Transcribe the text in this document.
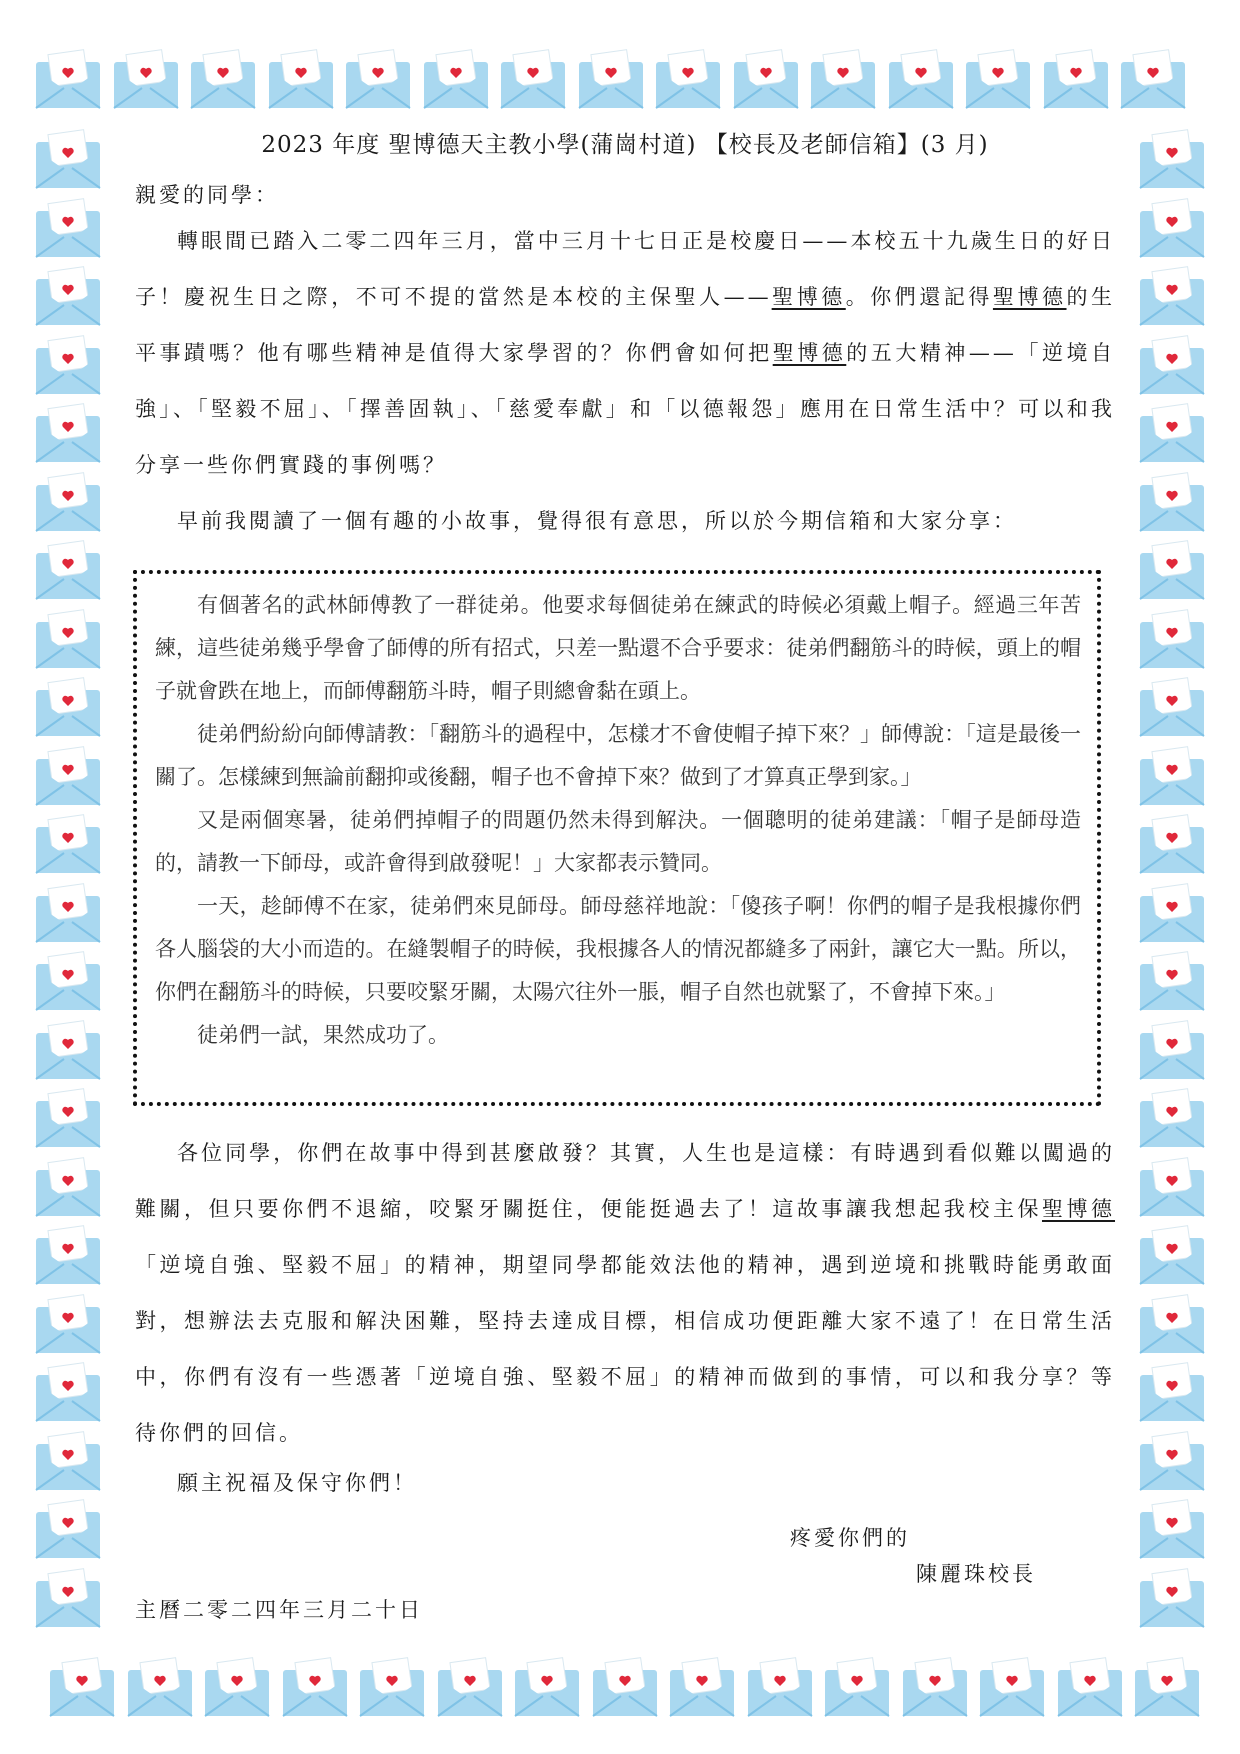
2023 年度 聖博德天主教小學(蒲崗村道) 【校長及老師信箱】(3 月)

親愛的同學：

轉眼間已踏入二零二四年三月，當中三月十七日正是校慶日——本校五十九歲生日的好日子！慶祝生日之際，不可不提的當然是本校的主保聖人——聖博德。你們還記得聖博德的生平事蹟嗎？他有哪些精神是值得大家學習的？你們會如何把聖博德的五大精神——「逆境自強」、「堅毅不屈」、「擇善固執」、「慈愛奉獻」和「以德報怨」應用在日常生活中？可以和我分享一些你們實踐的事例嗎？

早前我閱讀了一個有趣的小故事，覺得很有意思，所以於今期信箱和大家分享：

有個著名的武林師傅教了一群徒弟。他要求每個徒弟在練武的時候必須戴上帽子。經過三年苦練，這些徒弟幾乎學會了師傅的所有招式，只差一點還不合乎要求：徒弟們翻筋斗的時候，頭上的帽子就會跌在地上，而師傅翻筋斗時，帽子則總會黏在頭上。

徒弟們紛紛向師傅請教：「翻筋斗的過程中，怎樣才不會使帽子掉下來？」師傅說：「這是最後一關了。怎樣練到無論前翻抑或後翻，帽子也不會掉下來？做到了才算真正學到家。」

又是兩個寒暑，徒弟們掉帽子的問題仍然未得到解決。一個聰明的徒弟建議：「帽子是師母造的，請教一下師母，或許會得到啟發呢！」大家都表示贊同。

一天，趁師傅不在家，徒弟們來見師母。師母慈祥地說：「傻孩子啊！你們的帽子是我根據你們各人腦袋的大小而造的。在縫製帽子的時候，我根據各人的情況都縫多了兩針，讓它大一點。所以，你們在翻筋斗的時候，只要咬緊牙關，太陽穴往外一脹，帽子自然也就緊了，不會掉下來。」

徒弟們一試，果然成功了。

各位同學，你們在故事中得到甚麼啟發？其實，人生也是這樣：有時遇到看似難以闖過的難關，但只要你們不退縮，咬緊牙關挺住，便能挺過去了！這故事讓我想起我校主保聖博德「逆境自強、堅毅不屈」的精神，期望同學都能效法他的精神，遇到逆境和挑戰時能勇敢面對，想辦法去克服和解決困難，堅持去達成目標，相信成功便距離大家不遠了！在日常生活中，你們有沒有一些憑著「逆境自強、堅毅不屈」的精神而做到的事情，可以和我分享？等待你們的回信。

願主祝福及保守你們！

疼愛你們的
陳麗珠校長
主曆二零二四年三月二十日
